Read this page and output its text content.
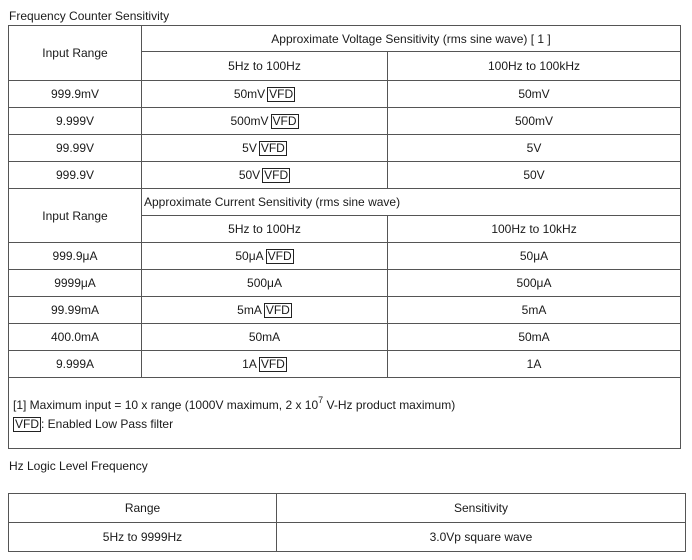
Frequency Counter Sensitivity
Input Range	Approximate Voltage Sensitivity (rms sine wave) [ 1 ]	
	5Hz to 100Hz	100Hz to 100kHz
999.9mV	50mV VFD	50mV
9.999V	500mV VFD	500mV
99.99V	5V VFD	5V
999.9V	50V VFD	50V
Input Range	Approximate Current Sensitivity (rms sine wave)	
	5Hz to 100Hz	100Hz to 10kHz
999.9μA	50μA VFD	50μA
9999μA	500μA	500μA
99.99mA	5mA VFD	5mA
400.0mA	50mA	50mA
9.999A	1A VFD	1A

[1] Maximum input = 10 x range (1000V maximum, 2 x $10^7$ V-Hz product maximum)
VFD : Enabled Low Pass filter		
Hz Logic Level Frequency
Range	Sensitivity
5Hz to 9999Hz	3.0Vp square wave
